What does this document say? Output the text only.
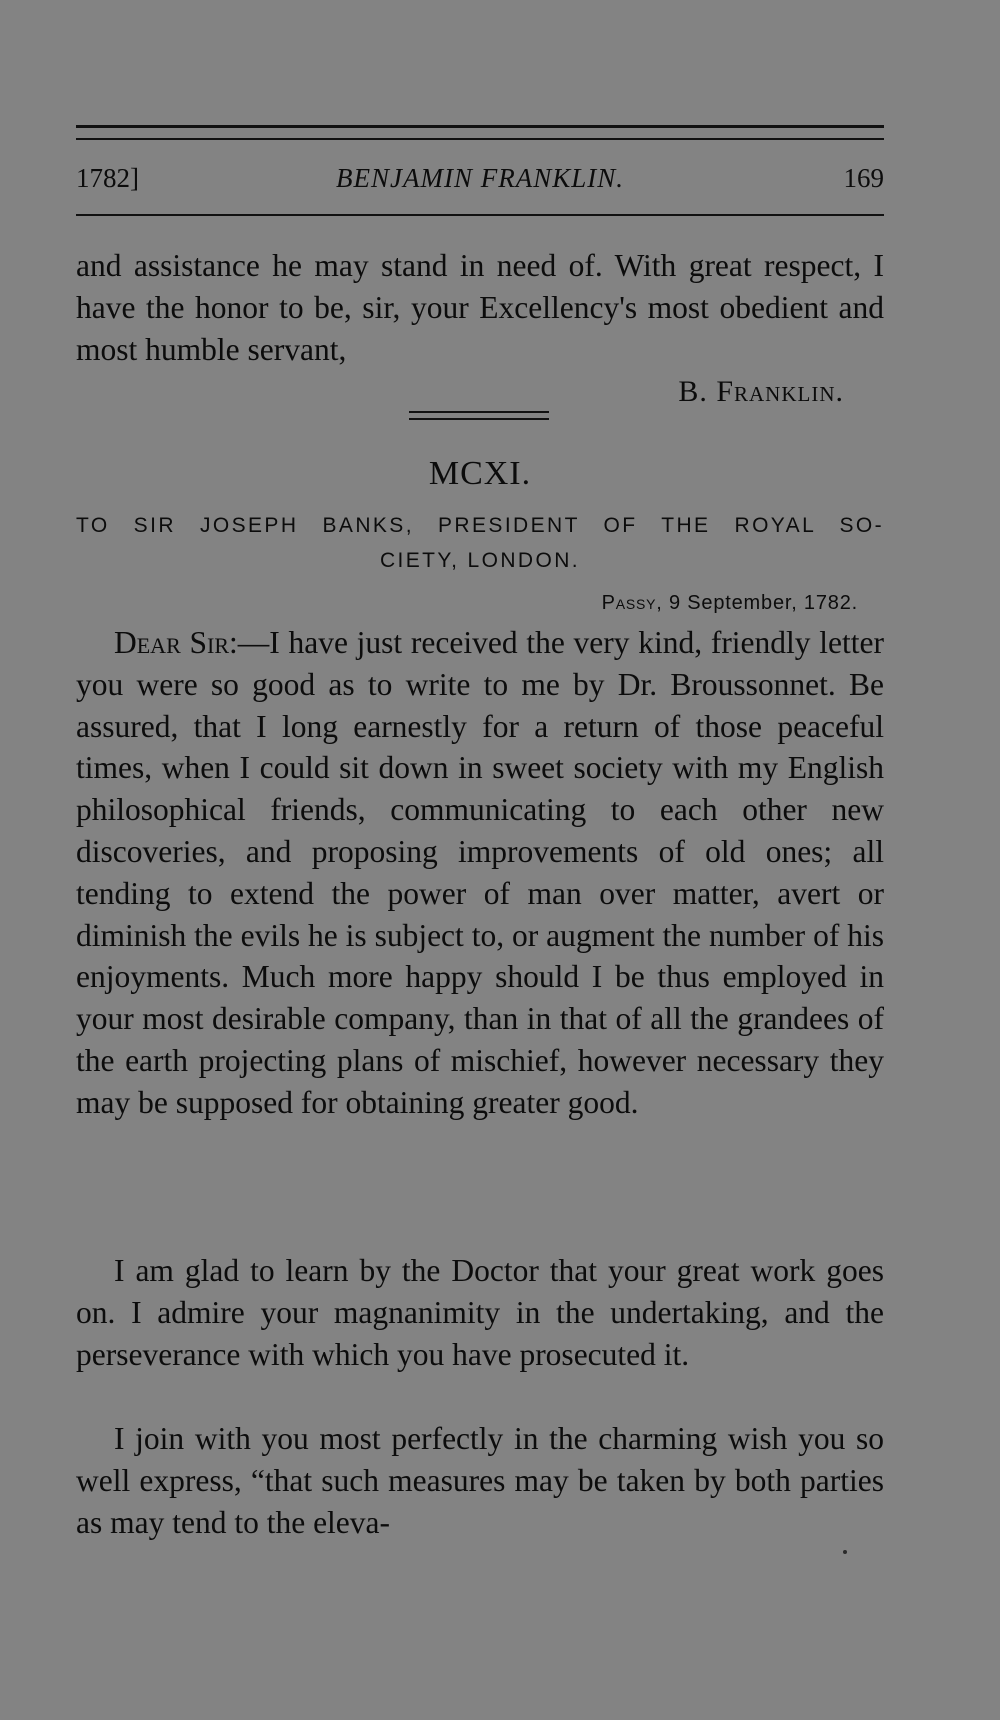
BENJAMIN FRANKLIN.
1782]	169
and assistance he may stand in need of. With great respect, I have the honor to be, sir, your Excellency's most obedient and most humble servant,
B. Franklin.
MCXI.
TO SIR JOSEPH BANKS, PRESIDENT OF THE ROYAL SO-
CIETY, LONDON.
Passy, 9 September, 1782.
Dear Sir:—I have just received the very kind, friendly letter you were so good as to write to me by Dr. Broussonnet. Be assured, that I long earnestly for a return of those peaceful times, when I could sit down in sweet society with my English philosophical friends, communicating to each other new discoveries, and proposing improvements of old ones; all tending to extend the power of man over matter, avert or diminish the evils he is subject to, or augment the number of his enjoyments. Much more happy should I be thus employed in your most desirable company, than in that of all the grandees of the earth projecting plans of mischief, however necessary they may be supposed for obtaining greater good.
I am glad to learn by the Doctor that your great work goes on. I admire your magnanimity in the undertaking, and the perseverance with which you have prosecuted it.
I join with you most perfectly in the charming wish you so well express, “that such measures may be taken by both parties as may tend to the eleva-
